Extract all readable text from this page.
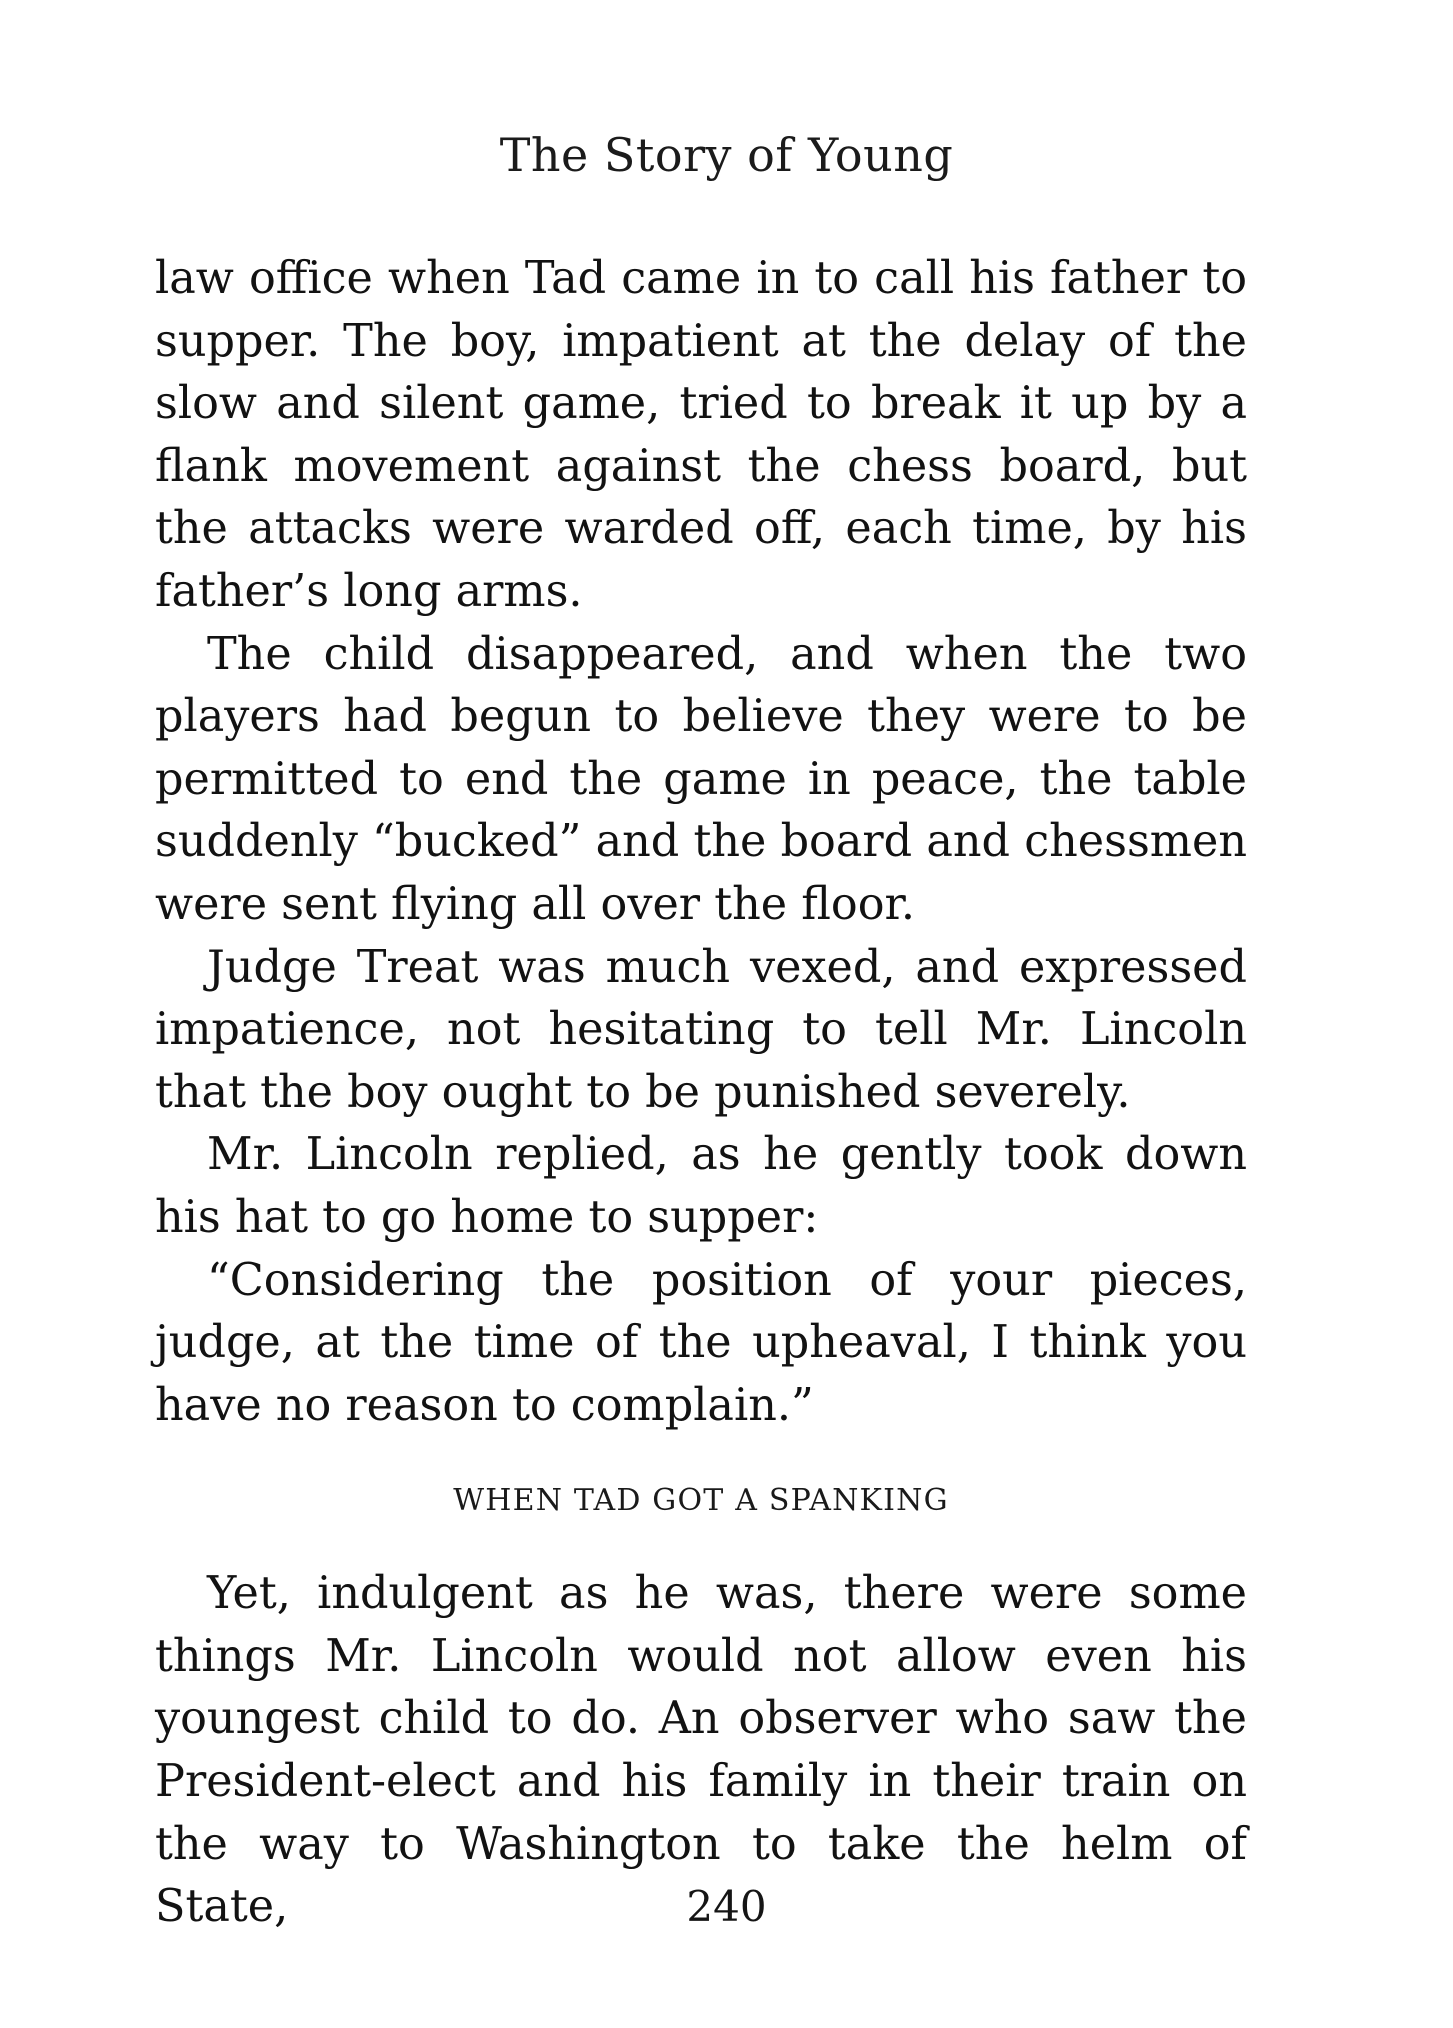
The Story of Young

law office when Tad came in to call his father to supper. The boy, impatient at the delay of the slow and silent game, tried to break it up by a flank movement against the chess board, but the attacks were warded off, each time, by his father’s long arms.

The child disappeared, and when the two players had begun to believe they were to be permitted to end the game in peace, the table suddenly “bucked” and the board and chessmen were sent flying all over the floor.

Judge Treat was much vexed, and expressed impatience, not hesitating to tell Mr. Lincoln that the boy ought to be punished severely.

Mr. Lincoln replied, as he gently took down his hat to go home to supper:

“Considering the position of your pieces, judge, at the time of the upheaval, I think you have no reason to complain.”

WHEN TAD GOT A SPANKING

Yet, indulgent as he was, there were some things Mr. Lincoln would not allow even his youngest child to do. An observer who saw the President-elect and his family in their train on the way to Washington to take the helm of State,	240
